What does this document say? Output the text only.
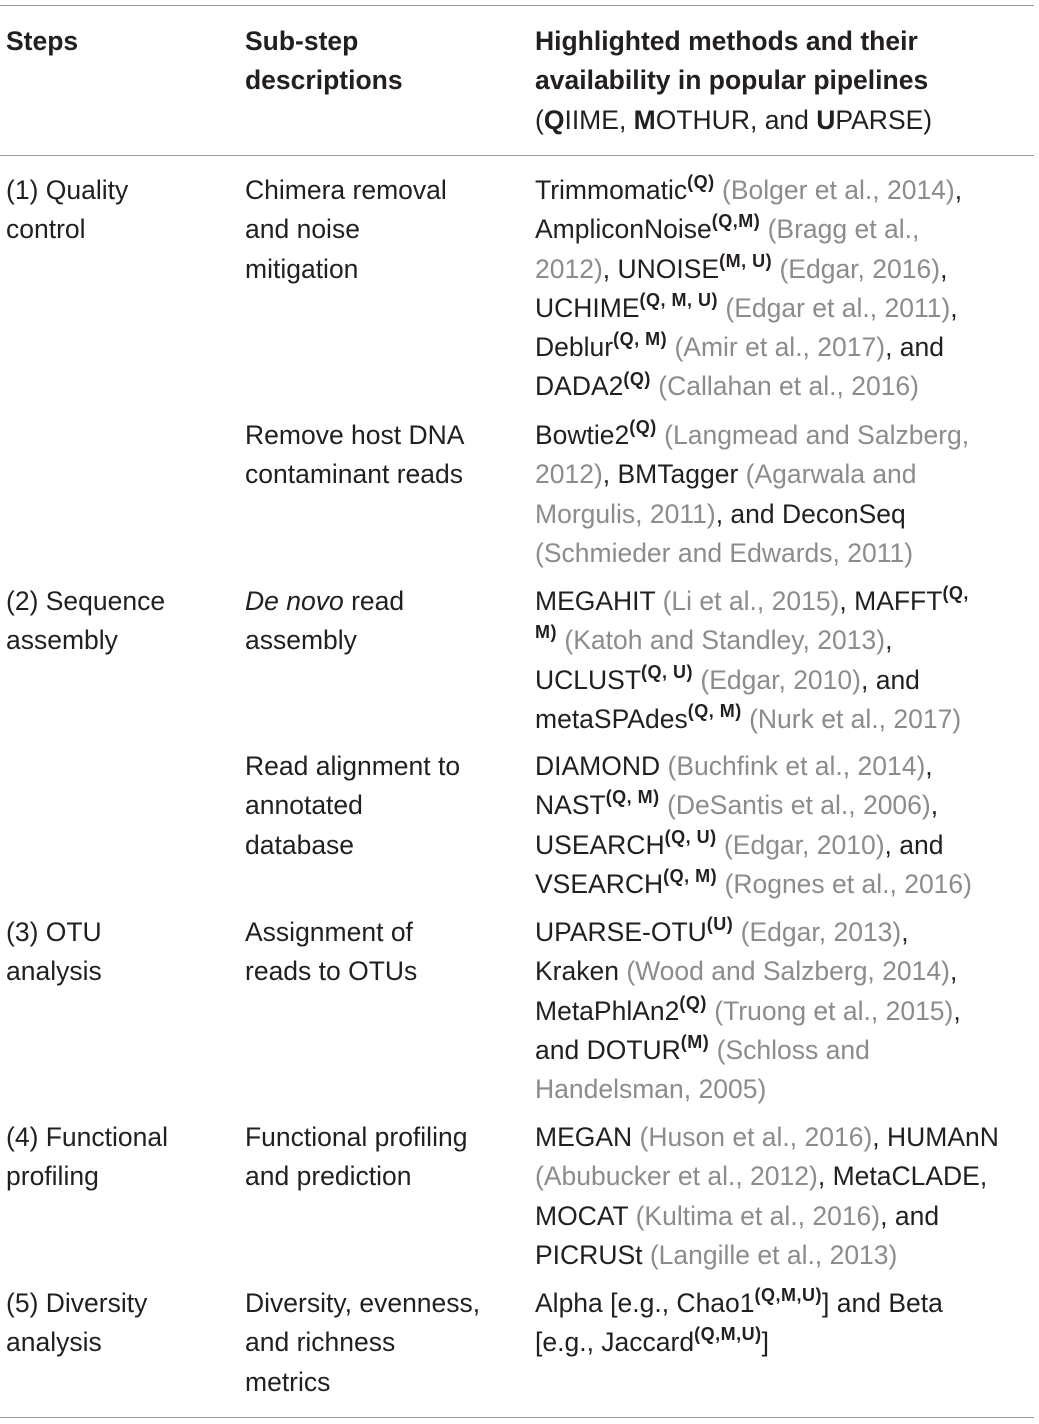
Steps	Sub-step
descriptions
Highlighted methods and their
availability in popular pipelines
(QIIME, MOTHUR, and UPARSE)
(1) Quality
control
Chimera removal
and noise
mitigation
Trimmomatic$^{(Q)}$ (Bolger et al., 2014),
AmpliconNoise$^{(Q,M)}$ (Bragg et al.,
2012), $UNOISE^{(M, U)}$ (Edgar, 2016),
$UCHIME^{(Q, M, U)}$ (Edgar et al., 2011),
Deblur$^{(Q, M)}$ (Amir et al., 2017), and
$DADA2^{(Q)}$ (Callahan et al., 2016)
Remove host DNA
contaminant reads
$Bowtie2^{(Q)}$ (Langmead and Salzberg,
2012), BMTagger (Agarwala and
Morgulis, 2011), and DeconSeq
(Schmieder and Edwards, 2011)
(2) Sequence
assembly
De novo read
assembly
MEGAHIT (Li et al., 2015), $MAFFT^{(Q,}$
$^{M)}$ (Katoh and Standley, 2013),
$UCLUST^{(Q, U)}$ (Edgar, 2010), and
metaSPAdes$^{(Q, M)}$ (Nurk et al., 2017)
Read alignment to
annotated
database
DIAMOND (Buchfink et al., 2014),
$NAST^{(Q, M)}$ (DeSantis et al., 2006),
$USEARCH^{(Q, U)}$ (Edgar, 2010), and
$VSEARCH^{(Q, M)}$ (Rognes et al., 2016)
(3) OTU
analysis
Assignment of
reads to OTUs
UPARSE-$OTU^{(U)}$ (Edgar, 2013),
Kraken (Wood and Salzberg, 2014),
$MetaPhlAn2^{(Q)}$ (Truong et al., 2015),
and $DOTUR^{(M)}$ (Schloss and
Handelsman, 2005)
(4) Functional
profiling
Functional profiling
and prediction
MEGAN (Huson et al., 2016), HUMAnN
(Abubucker et al., 2012), MetaCLADE,
MOCAT (Kultima et al., 2016), and
PICRUSt (Langille et al., 2013)
(5) Diversity
analysis
Diversity, evenness,
and richness
metrics
Alpha [e.g., $Chao1^{(Q,M,U)}$] and Beta
[e.g., Jaccard$^{(Q,M,U)}$]
